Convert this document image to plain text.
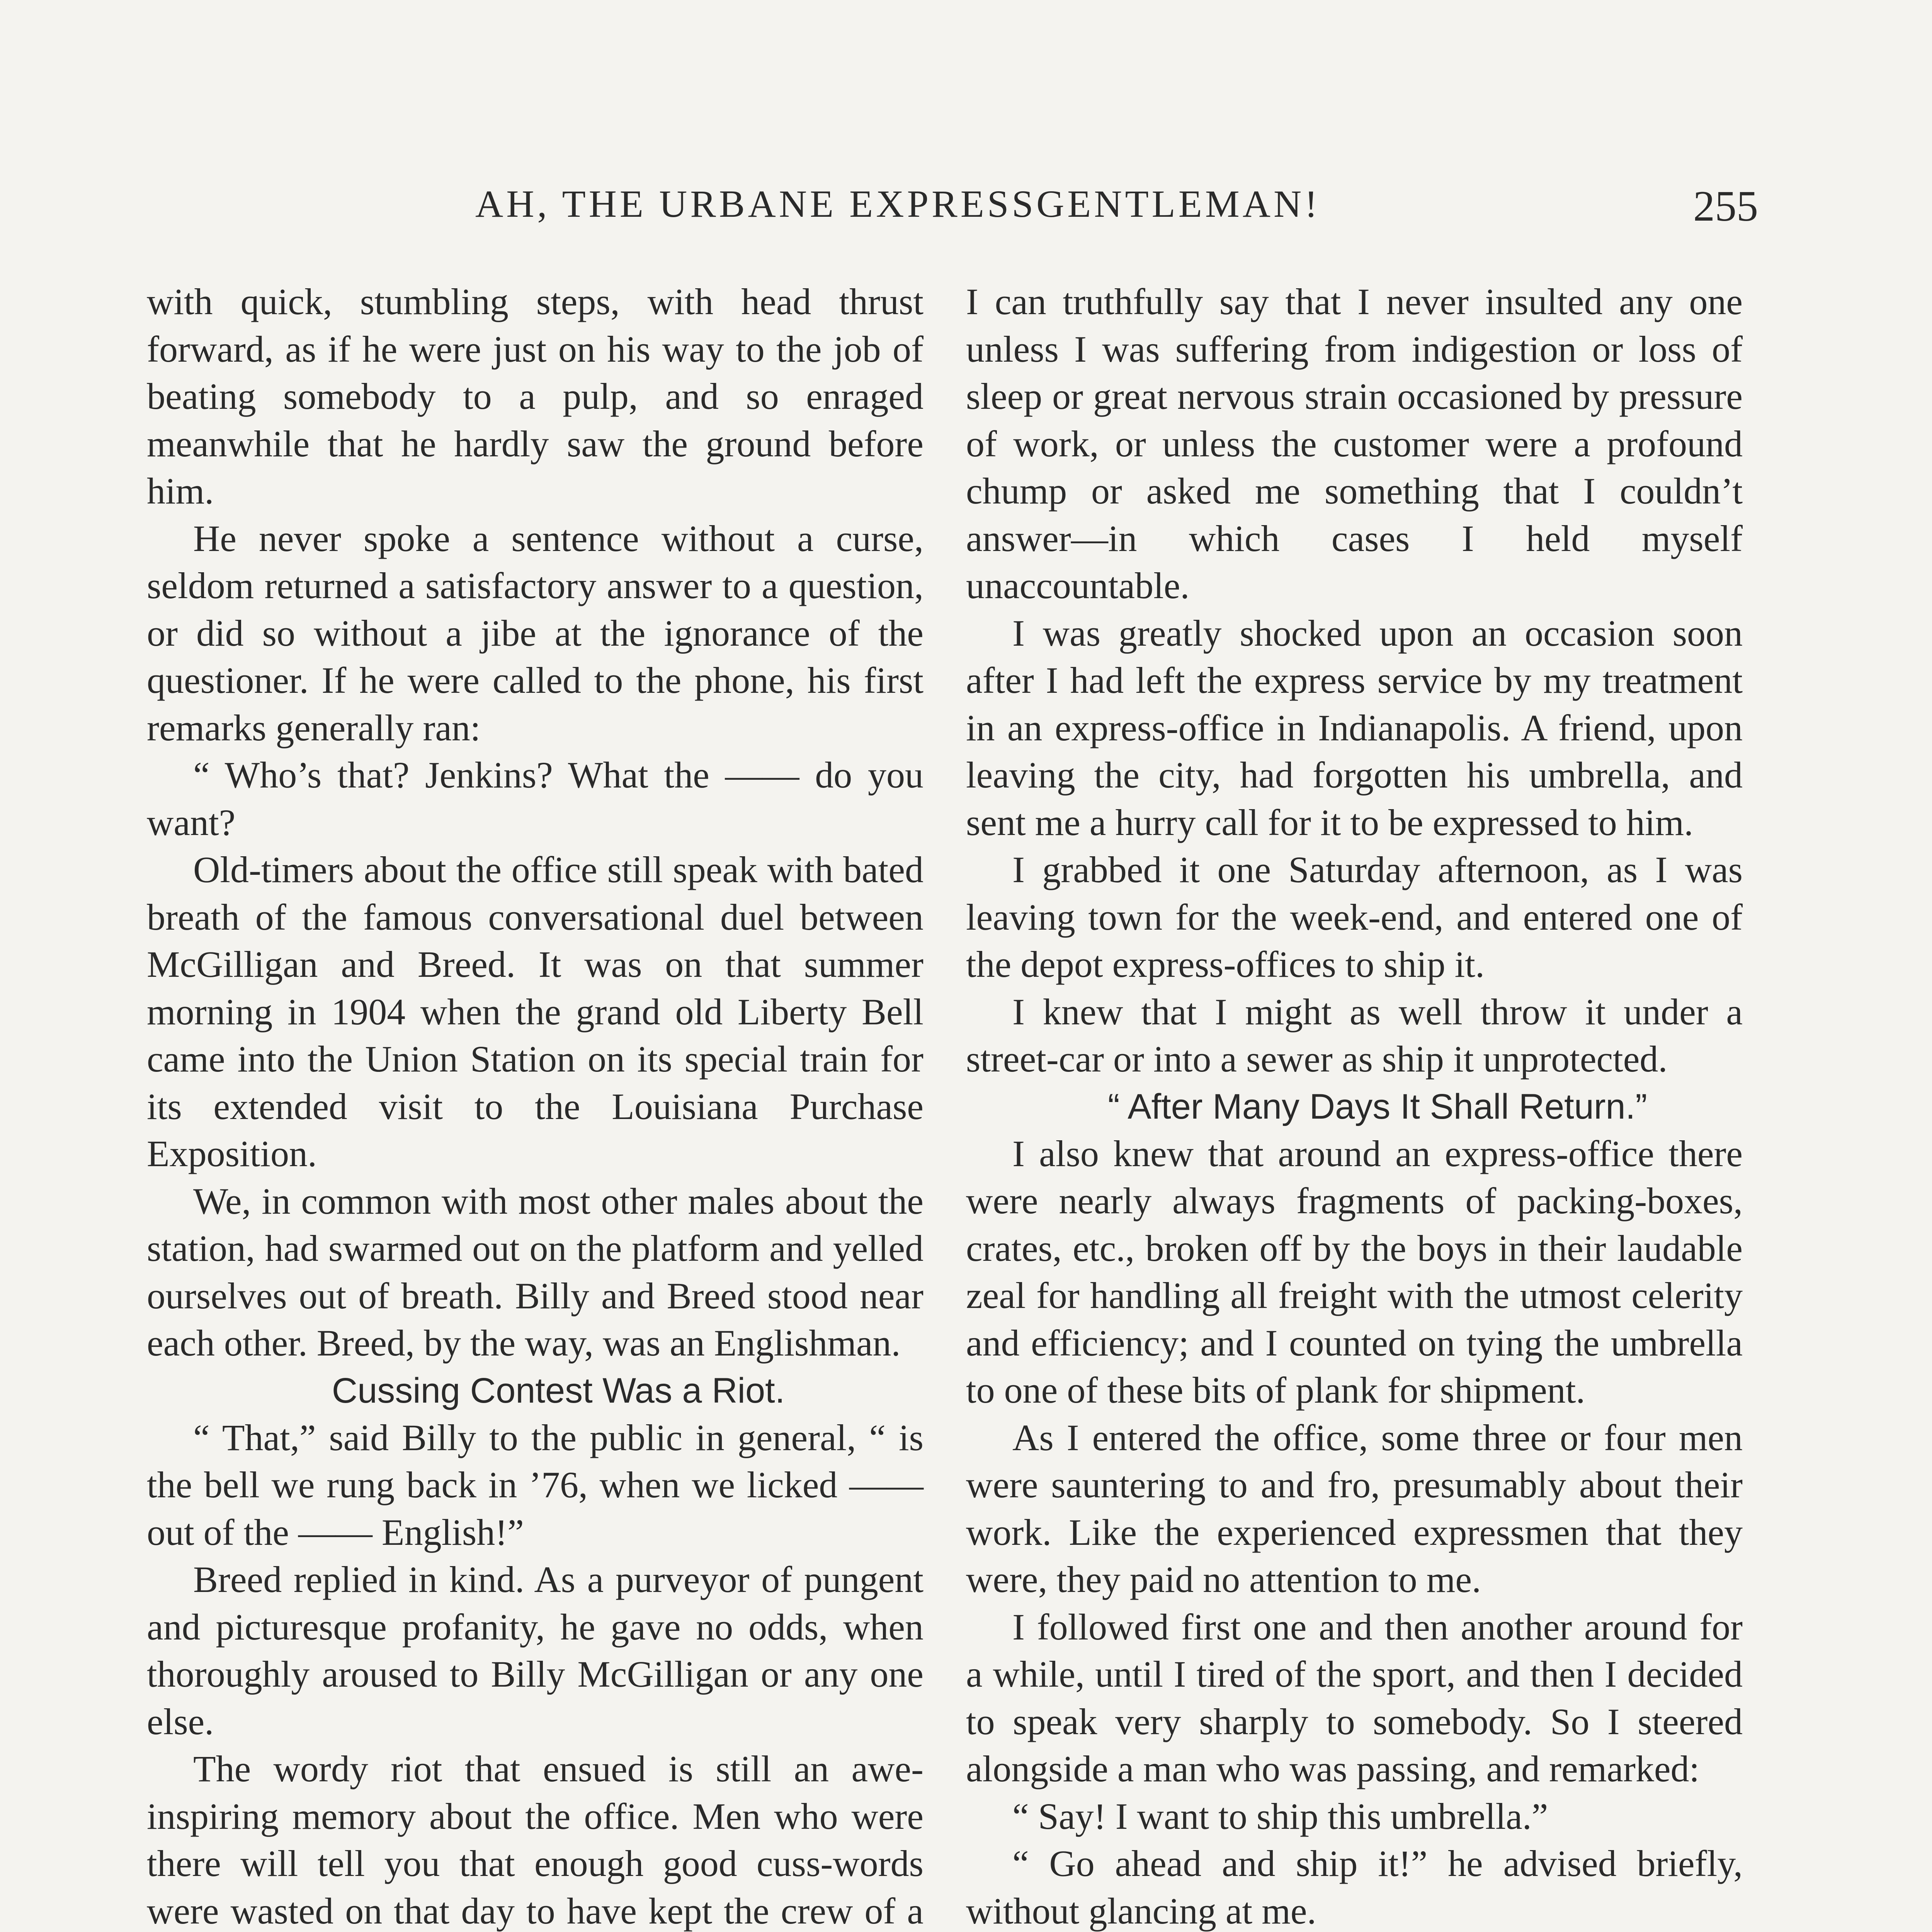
AH, THE URBANE EXPRESSGENTLEMAN!	255

with quick, stumbling steps, with head thrust forward, as if he were just on his way to the job of beating somebody to a pulp, and so enraged meanwhile that he hardly saw the ground before him.

He never spoke a sentence without a curse, seldom returned a satisfactory answer to a question, or did so without a jibe at the ignorance of the questioner. If he were called to the phone, his first remarks generally ran:

“ Who’s that? Jenkins? What the —— do you want?

Old-timers about the office still speak with bated breath of the famous conversational duel between McGilligan and Breed. It was on that summer morning in 1904 when the grand old Liberty Bell came into the Union Station on its special train for its extended visit to the Louisiana Purchase Exposition.

We, in common with most other males about the station, had swarmed out on the platform and yelled ourselves out of breath. Billy and Breed stood near each other. Breed, by the way, was an Englishman.

Cussing Contest Was a Riot.

“ That,” said Billy to the public in general, “ is the bell we rung back in ’76, when we licked —— out of the —— English!”

Breed replied in kind. As a purveyor of pungent and picturesque profanity, he gave no odds, when thoroughly aroused to Billy McGilligan or any one else.

The wordy riot that ensued is still an awe-inspiring memory about the office. Men who were there will tell you that enough good cuss-words were wasted on that day to have kept the crew of a

I can truthfully say that I never insulted any one unless I was suffering from indigestion or loss of sleep or great nervous strain occasioned by pressure of work, or unless the customer were a profound chump or asked me something that I couldn’t answer—in which cases I held myself unaccountable.

I was greatly shocked upon an occasion soon after I had left the express service by my treatment in an express-office in Indianapolis. A friend, upon leaving the city, had forgotten his umbrella, and sent me a hurry call for it to be expressed to him.

I grabbed it one Saturday afternoon, as I was leaving town for the week-end, and entered one of the depot express-offices to ship it.

I knew that I might as well throw it under a street-car or into a sewer as ship it unprotected.

“ After Many Days It Shall Return.”

I also knew that around an express-office there were nearly always fragments of packing-boxes, crates, etc., broken off by the boys in their laudable zeal for handling all freight with the utmost celerity and efficiency; and I counted on tying the umbrella to one of these bits of plank for shipment.

As I entered the office, some three or four men were sauntering to and fro, presumably about their work. Like the experienced expressmen that they were, they paid no attention to me.

I followed first one and then another around for a while, until I tired of the sport, and then I decided to speak very sharply to somebody. So I steered alongside a man who was passing, and remarked:

“ Say! I want to ship this umbrella.”

“ Go ahead and ship it!” he advised briefly, without glancing at me.
